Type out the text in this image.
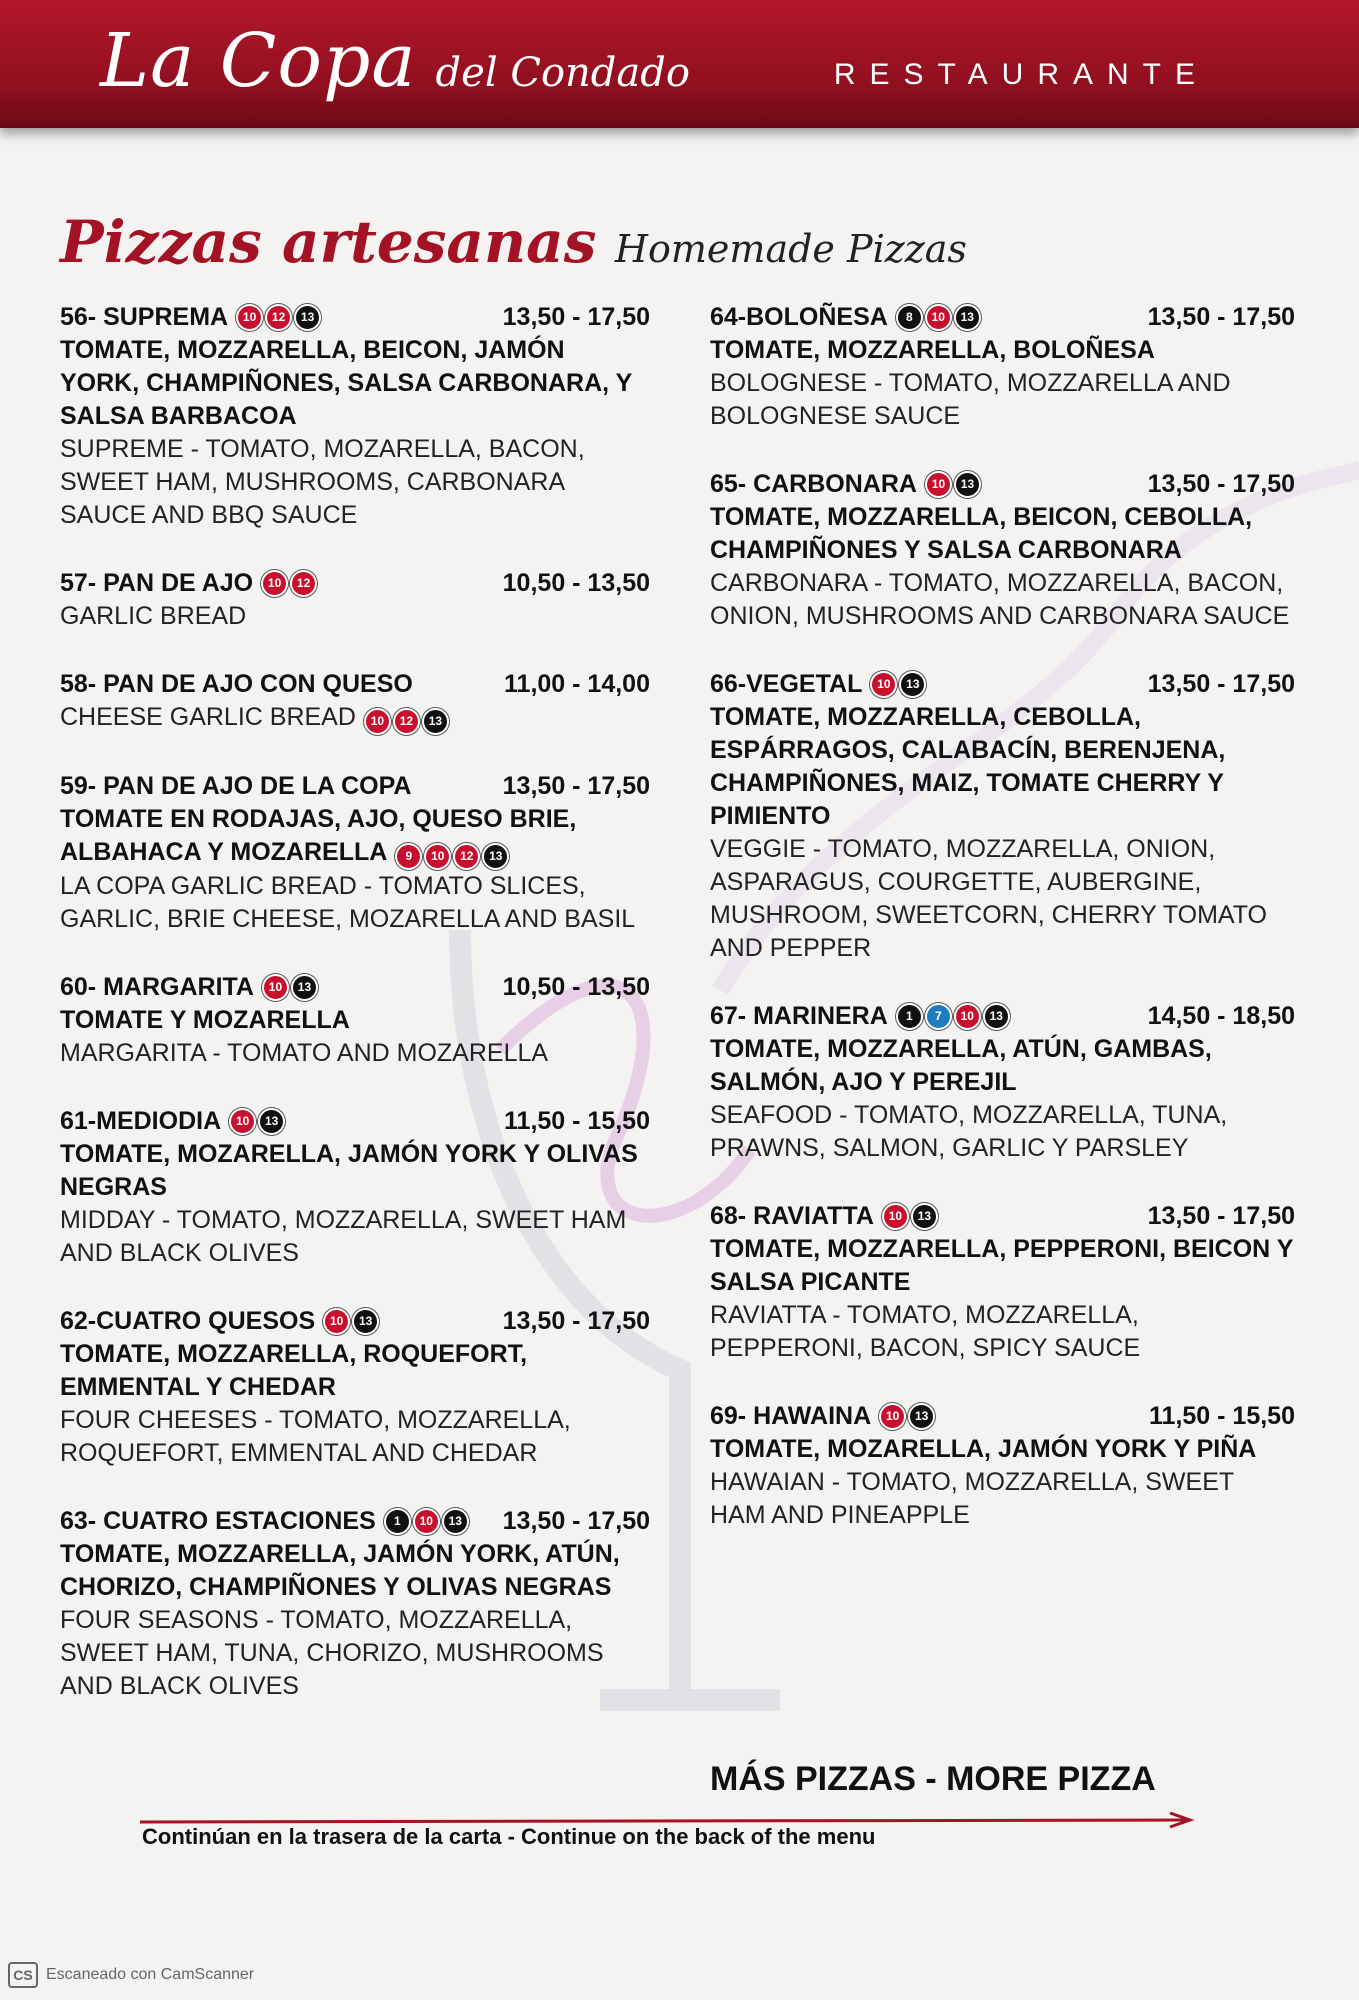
La Copa del Condado	RESTAURANTE
Pizzas artesanas Homemade Pizzas
56- SUPREMA	10	12	13	13,50 - 17,50
TOMATE, MOZZARELLA, BEICON, JAMÓN YORK, CHAMPIÑONES, SALSA CARBONARA, Y SALSA BARBACOA
SUPREME - TOMATO, MOZARELLA, BACON, SWEET HAM, MUSHROOMS, CARBONARA SAUCE AND BBQ SAUCE
57- PAN DE AJO	10	12	10,50 - 13,50
GARLIC BREAD
58- PAN DE AJO CON QUESO	11,00 - 14,00
CHEESE GARLIC BREAD	10	12	13
59- PAN DE AJO DE LA COPA	13,50 - 17,50
TOMATE EN RODAJAS, AJO, QUESO BRIE, ALBAHACA Y MOZARELLA	9	10	12	13
LA COPA GARLIC BREAD - TOMATO SLICES, GARLIC, BRIE CHEESE, MOZARELLA AND BASIL
60- MARGARITA	10	13	10,50 - 13,50
TOMATE Y MOZARELLA
MARGARITA - TOMATO AND MOZARELLA
61-MEDIODIA	10	13	11,50 - 15,50
TOMATE, MOZARELLA, JAMÓN YORK Y OLIVAS NEGRAS
MIDDAY - TOMATO, MOZZARELLA, SWEET HAM AND BLACK OLIVES
62-CUATRO QUESOS	10	13	13,50 - 17,50
TOMATE, MOZZARELLA, ROQUEFORT, EMMENTAL Y CHEDAR
FOUR CHEESES - TOMATO, MOZZARELLA, ROQUEFORT, EMMENTAL AND CHEDAR
63- CUATRO ESTACIONES	1	10	13 13,50 - 17,50
TOMATE, MOZZARELLA, JAMÓN YORK, ATÚN, CHORIZO, CHAMPIÑONES Y OLIVAS NEGRAS
FOUR SEASONS - TOMATO, MOZZARELLA, SWEET HAM, TUNA, CHORIZO, MUSHROOMS AND BLACK OLIVES
64-BOLOÑESA	8	10	13	13,50 - 17,50
TOMATE, MOZZARELLA, BOLOÑESA
BOLOGNESE - TOMATO, MOZZARELLA AND BOLOGNESE SAUCE
65- CARBONARA	10	13	13,50 - 17,50
TOMATE, MOZZARELLA, BEICON, CEBOLLA, CHAMPIÑONES Y SALSA CARBONARA
CARBONARA - TOMATO, MOZZARELLA, BACON, ONION, MUSHROOMS AND CARBONARA SAUCE
66-VEGETAL	10	13	13,50 - 17,50
TOMATE, MOZZARELLA, CEBOLLA, ESPÁRRAGOS, CALABACÍN, BERENJENA, CHAMPIÑONES, MAIZ, TOMATE CHERRY Y PIMIENTO
VEGGIE - TOMATO, MOZZARELLA, ONION, ASPARAGUS, COURGETTE, AUBERGINE, MUSHROOM, SWEETCORN, CHERRY TOMATO AND PEPPER
67- MARINERA	1	7	10	13	14,50 - 18,50
TOMATE, MOZZARELLA, ATÚN, GAMBAS, SALMÓN, AJO Y PEREJIL
SEAFOOD - TOMATO, MOZZARELLA, TUNA, PRAWNS, SALMON, GARLIC Y PARSLEY
68- RAVIATTA	10	13	13,50 - 17,50
TOMATE, MOZZARELLA, PEPPERONI, BEICON Y SALSA PICANTE
RAVIATTA - TOMATO, MOZZARELLA, PEPPERONI, BACON, SPICY SAUCE
69- HAWAINA	10	13	11,50 - 15,50
TOMATE, MOZARELLA, JAMÓN YORK Y PIÑA
HAWAIAN - TOMATO, MOZZARELLA, SWEET HAM AND PINEAPPLE
MÁS PIZZAS - MORE PIZZA
Continúan en la trasera de la carta - Continue on the back of the menu
CS Escaneado con CamScanner
